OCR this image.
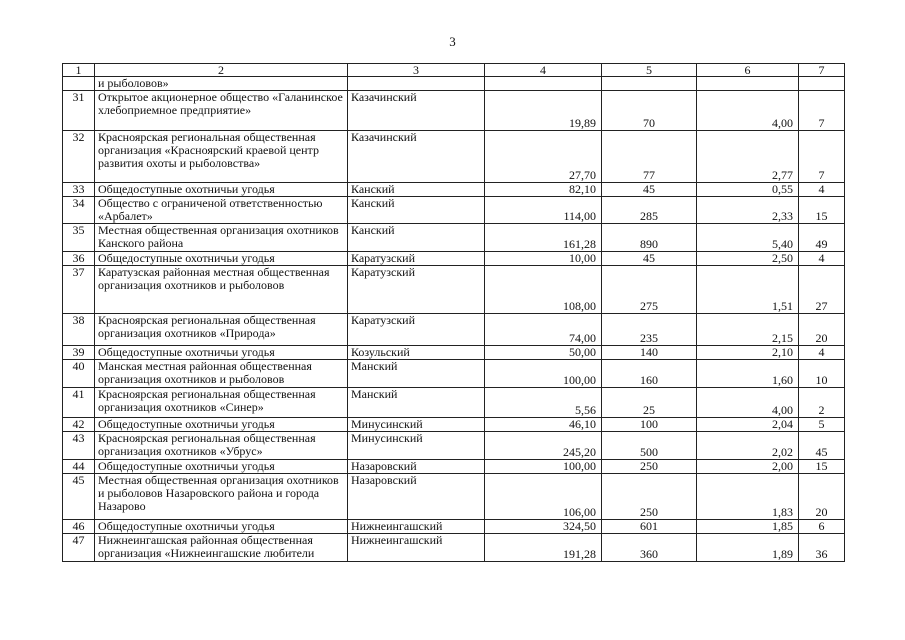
3
1	2	3	4	5	6	7
	и рыболовов»					
31	Открытое акционерное общество «Галанинское хлебоприемное предприятие»	Казачинский	19,89	70	4,00	7
32	Красноярская региональная общественная организация «Красноярский краевой центр развития охоты и рыболовства»	Казачинский	27,70	77	2,77	7
33	Общедоступные охотничьи угодья	Канский	82,10	45	0,55	4
34	Общество с ограниченой ответственностью «Арбалет»	Канский	114,00	285	2,33	15
35	Местная общественная организация охотников Канского района	Канский	161,28	890	5,40	49
36	Общедоступные охотничьи угодья	Каратузский	10,00	45	2,50	4
37	Каратузская районная местная общественная организация охотников и рыболовов	Каратузский	108,00	275	1,51	27
38	Красноярская региональная общественная организация охотников «Природа»	Каратузский	74,00	235	2,15	20
39	Общедоступные охотничьи угодья	Козульский	50,00	140	2,10	4
40	Манская местная районная общественная организация охотников и рыболовов	Манский	100,00	160	1,60	10
41	Красноярская региональная общественная организация охотников «Синер»	Манский	5,56	25	4,00	2
42	Общедоступные охотничьи угодья	Минусинский	46,10	100	2,04	5
43	Красноярская региональная общественная организация охотников «Убрус»	Минусинский	245,20	500	2,02	45
44	Общедоступные охотничьи угодья	Назаровский	100,00	250	2,00	15
45	Местная общественная организация охотников и рыболовов Назаровского района и города Назарово	Назаровский	106,00	250	1,83	20
46	Общедоступные охотничьи угодья	Нижнеингашский	324,50	601	1,85	6
47	Нижнеингашская районная общественная организация «Нижнеингашские любители	Нижнеингашский	191,28	360	1,89	36
